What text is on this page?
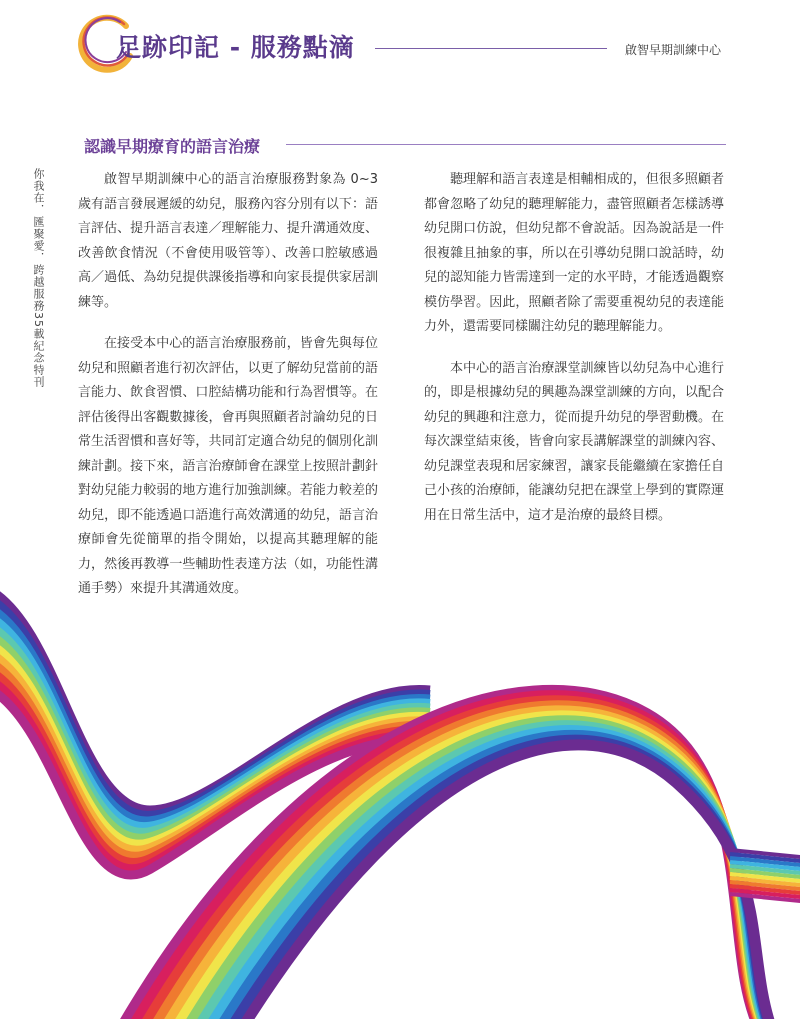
足跡印記 - 服務點滴	啟智早期訓練中心
認識早期療育的語言治療
你我在．匯聚愛．跨越服務35載紀念特刊	啟智早期訓練中心的語言治療服務對象為 0~3 歲有語言發展遲緩的幼兒，服務內容分別有以下：語言評估、提升語言表達／理解能力、提升溝通效度、改善飲食情況（不會使用吸管等）、改善口腔敏感過高／過低、為幼兒提供課後指導和向家長提供家居訓練等。

在接受本中心的語言治療服務前，皆會先與每位幼兒和照顧者進行初次評估，以更了解幼兒當前的語言能力、飲食習慣、口腔結構功能和行為習慣等。在評估後得出客觀數據後，會再與照顧者討論幼兒的日常生活習慣和喜好等，共同訂定適合幼兒的個別化訓練計劃。接下來，語言治療師會在課堂上按照計劃針對幼兒能力較弱的地方進行加強訓練。若能力較差的幼兒，即不能透過口語進行高效溝通的幼兒，語言治療師會先從簡單的指令開始，以提高其聽理解的能力，然後再教導一些輔助性表達方法（如，功能性溝通手勢）來提升其溝通效度。

聽理解和語言表達是相輔相成的，但很多照顧者都會忽略了幼兒的聽理解能力，盡管照顧者怎樣誘導幼兒開口仿說，但幼兒都不會說話。因為說話是一件很複雜且抽象的事，所以在引導幼兒開口說話時，幼兒的認知能力皆需達到一定的水平時，才能透過觀察模仿學習。因此，照顧者除了需要重視幼兒的表達能力外，還需要同樣關注幼兒的聽理解能力。

本中心的語言治療課堂訓練皆以幼兒為中心進行的，即是根據幼兒的興趣為課堂訓練的方向，以配合幼兒的興趣和注意力，從而提升幼兒的學習動機。在每次課堂結束後，皆會向家長講解課堂的訓練內容、幼兒課堂表現和居家練習，讓家長能繼續在家擔任自己小孩的治療師，能讓幼兒把在課堂上學到的實際運用在日常生活中，這才是治療的最終目標。
